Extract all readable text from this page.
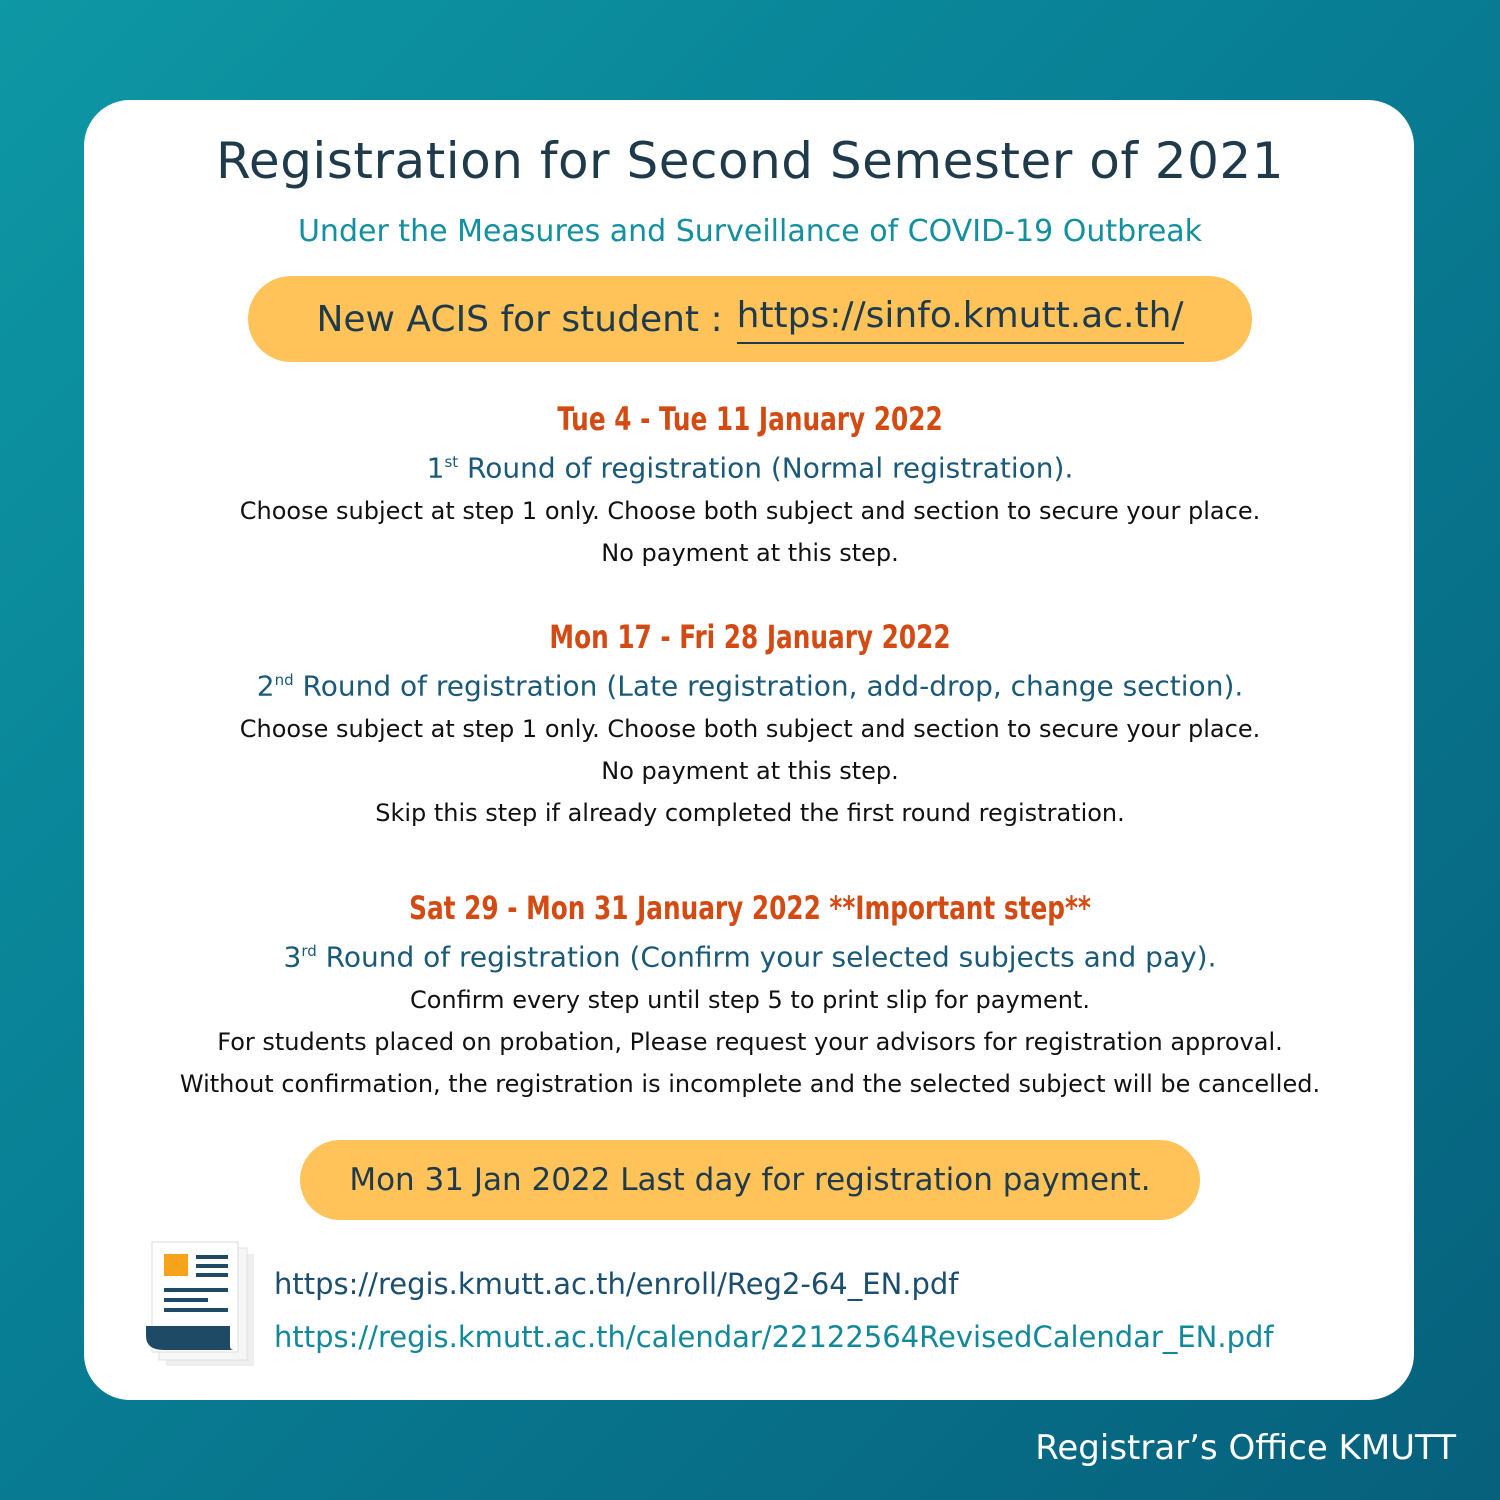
Registration for Second Semester of 2021
Under the Measures and Surveillance of COVID-19 Outbreak
New ACIS for student : https://sinfo.kmutt.ac.th/
Tue 4 - Tue 11 January 2022
1st Round of registration (Normal registration).
Choose subject at step 1 only. Choose both subject and section to secure your place.
No payment at this step.
Mon 17 - Fri 28 January 2022
2nd Round of registration (Late registration, add-drop, change section).
Choose subject at step 1 only. Choose both subject and section to secure your place.
No payment at this step.
Skip this step if already completed the first round registration.
Sat 29 - Mon 31 January 2022 **Important step**
3rd Round of registration (Confirm your selected subjects and pay).
Confirm every step until step 5 to print slip for payment.
For students placed on probation, Please request your advisors for registration approval.
Without confirmation, the registration is incomplete and the selected subject will be cancelled.
Mon 31 Jan 2022 Last day for registration payment.
https://regis.kmutt.ac.th/enroll/Reg2-64_EN.pdf
https://regis.kmutt.ac.th/calendar/22122564RevisedCalendar_EN.pdf
Registrar’s Office KMUTT
